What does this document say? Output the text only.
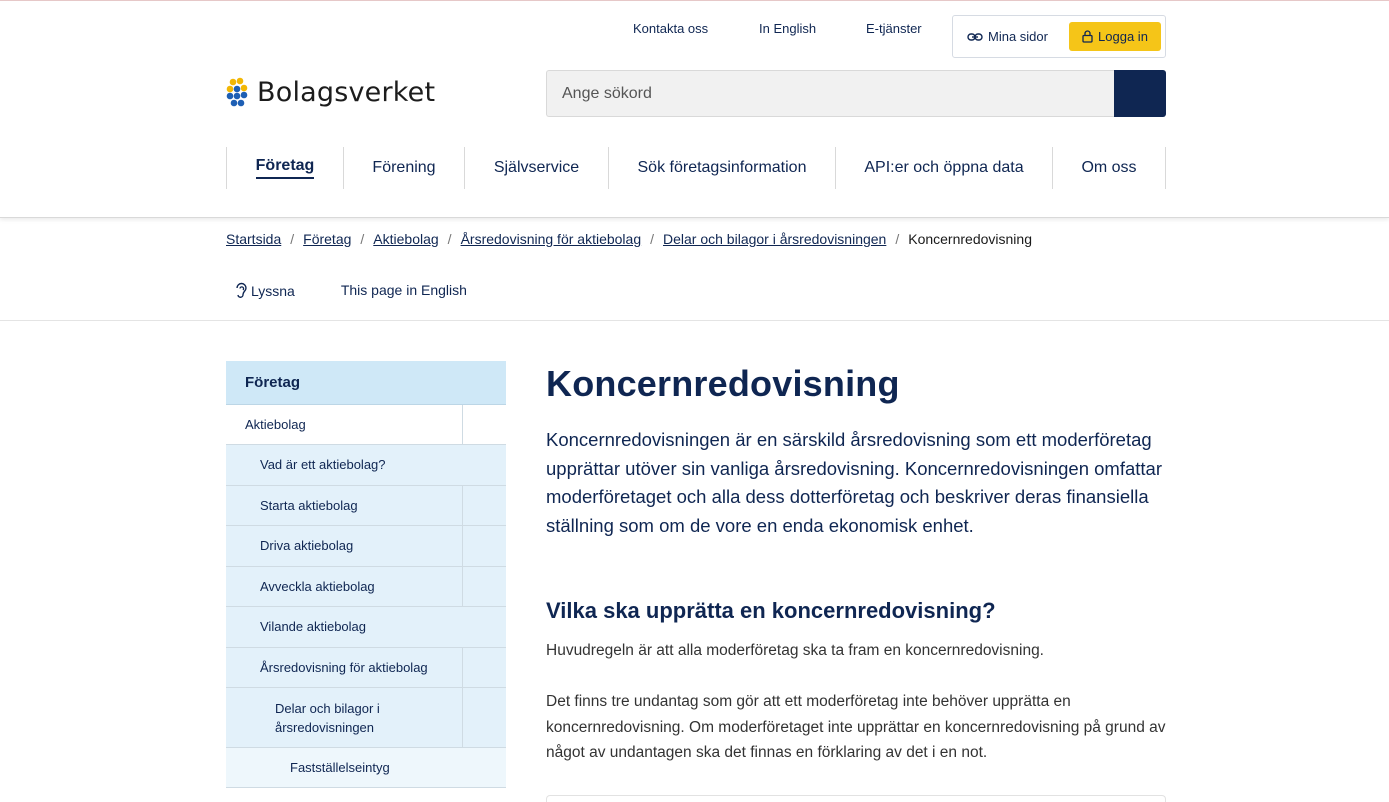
Kontakta oss	In English	E-tjänster
Mina sidor	Logga in
Bolagsverket
Ange sökord
Företag	Förening	Självservice	Sök företagsinformation	API:er och öppna data	Om oss
Startsida / Företag / Aktiebolag / Årsredovisning för aktiebolag / Delar och bilagor i årsredovisningen / Koncernredovisning
Lyssna	This page in English
Företag
Aktiebolag
Vad är ett aktiebolag?
Starta aktiebolag
Driva aktiebolag
Avveckla aktiebolag
Vilande aktiebolag
Årsredovisning för aktiebolag
Delar och bilagor i årsredovisningen
Fastställelseintyg
Koncernredovisning

Koncernredovisningen är en särskild årsredovisning som ett moderföretag upprättar utöver sin vanliga årsredovisning. Koncernredovisningen omfattar moderföretaget och alla dess dotterföretag och beskriver deras finansiella ställning som om de vore en enda ekonomisk enhet.

Vilka ska upprätta en koncernredovisning?

Huvudregeln är att alla moderföretag ska ta fram en koncernredovisning.

Det finns tre undantag som gör att ett moderföretag inte behöver upprätta en koncernredovisning. Om moderföretaget inte upprättar en koncernredovisning på grund av något av undantagen ska det finnas en förklaring av det i en not.
